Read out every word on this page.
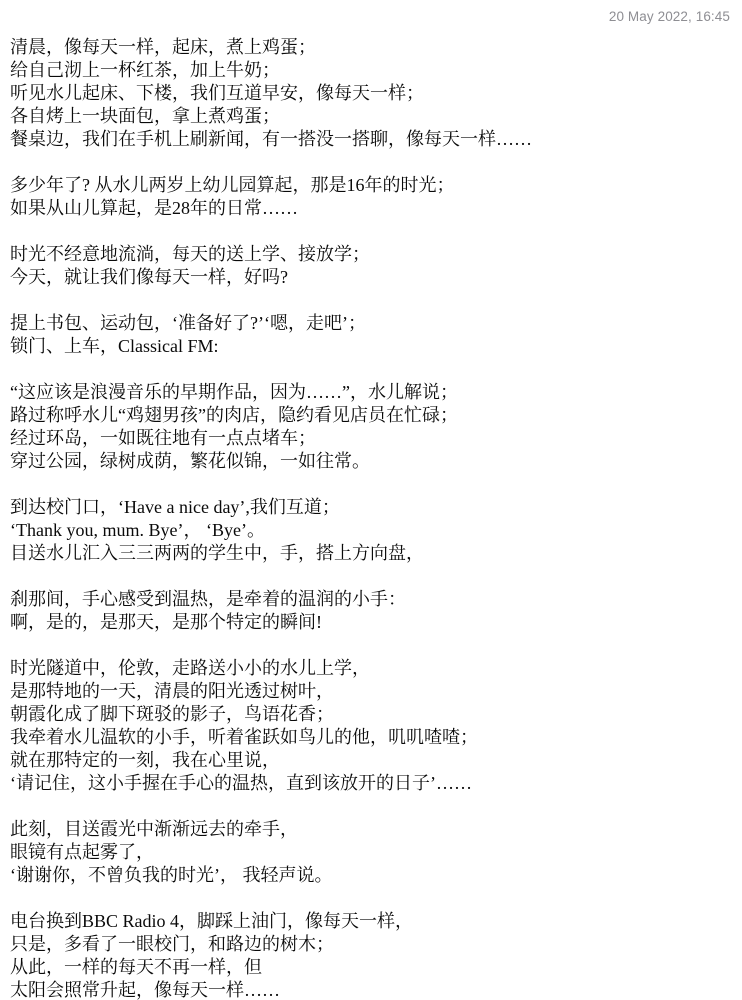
20 May 2022, 16:45
清晨，像每天一样，起床，煮上鸡蛋；
给自己沏上一杯红茶，加上牛奶；
听见水儿起床、下楼，我们互道早安，像每天一样；
各自烤上一块面包，拿上煮鸡蛋；
餐桌边，我们在手机上刷新闻，有一搭没一搭聊，像每天一样……
多少年了? 从水儿两岁上幼儿园算起，那是16年的时光；
如果从山儿算起，是28年的日常……
时光不经意地流淌，每天的送上学、接放学；
今天，就让我们像每天一样，好吗?
提上书包、运动包，‘准备好了?’‘嗯，走吧’；
锁门、上车，Classical FM:
“这应该是浪漫音乐的早期作品，因为……”，水儿解说；
路过称呼水儿“鸡翅男孩”的肉店，隐约看见店员在忙碌；
经过环岛，一如既往地有一点点堵车；
穿过公园，绿树成荫，繁花似锦，一如往常。
到达校门口，‘Have a nice day’,我们互道；
‘Thank you, mum. Bye’， ‘Bye’。
目送水儿汇入三三两两的学生中，手，搭上方向盘，
刹那间，手心感受到温热，是牵着的温润的小手：
啊，是的，是那天，是那个特定的瞬间!
时光隧道中，伦敦，走路送小小的水儿上学，
是那特地的一天，清晨的阳光透过树叶，
朝霞化成了脚下斑驳的影子，鸟语花香；
我牵着水儿温软的小手，听着雀跃如鸟儿的他，叽叽喳喳；
就在那特定的一刻，我在心里说，
‘请记住，这小手握在手心的温热，直到该放开的日子’……
此刻，目送霞光中渐渐远去的牵手，
眼镜有点起雾了，
‘谢谢你，不曾负我的时光’， 我轻声说。
电台换到BBC Radio 4，脚踩上油门，像每天一样，
只是，多看了一眼校门，和路边的树木；
从此，一样的每天不再一样，但
太阳会照常升起，像每天一样……
